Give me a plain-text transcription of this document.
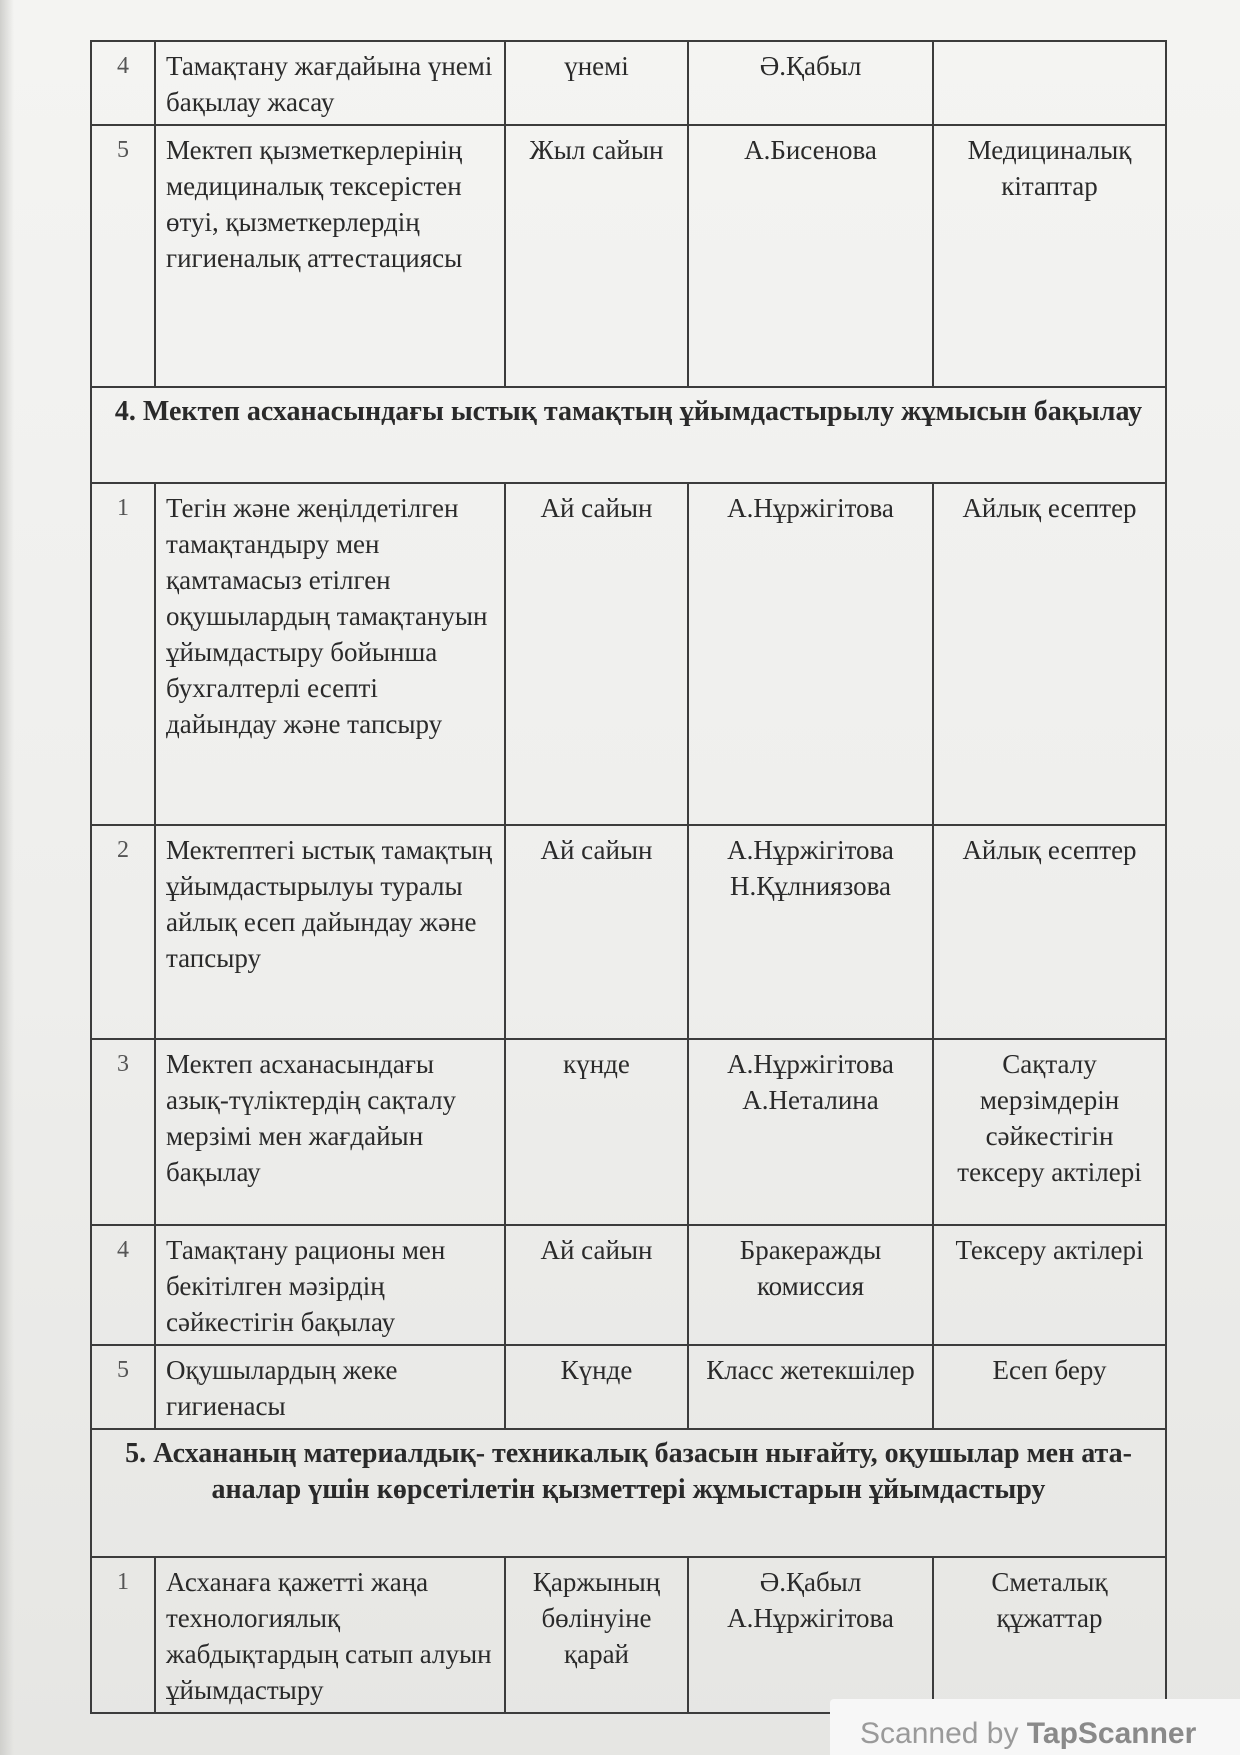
4	Тамақтану жағдайына үнемі бақылау жасау	үнемі	Ә.Қабыл	
5	Мектеп қызметкерлерінің медициналық тексерістен өтуі, қызметкерлердің гигиеналық аттестациясы	Жыл сайын	А.Бисенова	Медициналық кітаптар
4. Мектеп асханасындағы ыстық тамақтың ұйымдастырылу жұмысын бақылау				
1	Тегін және жеңілдетілген тамақтандыру мен қамтамасыз етілген оқушылардың тамақтануын ұйымдастыру бойынша бухгалтерлі есепті дайындау және тапсыру	Ай сайын	А.Нұржігітова	Айлық есептер
2	Мектептегі ыстық тамақтың ұйымдастырылуы туралы айлық есеп дайындау және тапсыру	Ай сайын	А.Нұржігітова Н.Құлниязова	Айлық есептер
3	Мектеп асханасындағы азық-түліктердің сақталу мерзімі мен жағдайын бақылау	күнде	А.Нұржігітова А.Неталина	Сақталу мерзімдерін сәйкестігін тексеру актілері
4	Тамақтану рационы мен бекітілген мәзірдің сәйкестігін бақылау	Ай сайын	Бракеражды комиссия	Тексеру актілері
5	Оқушылардың жеке гигиенасы	Күнде	Класс жетекшілер	Есеп беру
5. Асхананың материалдық- техникалық базасын нығайту, оқушылар мен ата-аналар үшін көрсетілетін қызметтері жұмыстарын ұйымдастыру				
1	Асханаға қажетті жаңа технологиялық жабдықтардың сатып алуын ұйымдастыру	Қаржының бөлінуіне қарай	Ә.Қабыл А.Нұржігітова	Сметалық құжаттар
Scanned by TapScanner
